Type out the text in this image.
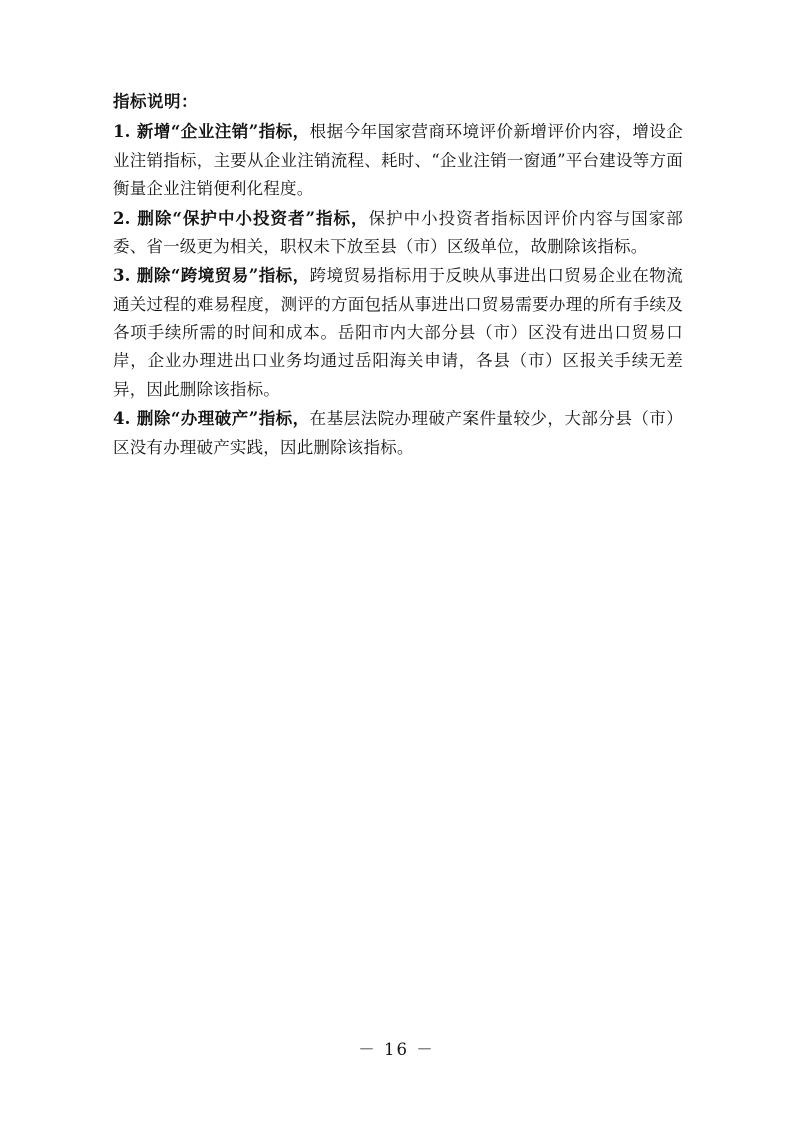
指标说明：

1. 新增“企业注销”指标，根据今年国家营商环境评价新增评价内容，增设企业注销指标，主要从企业注销流程、耗时、“企业注销一窗通”平台建设等方面衡量企业注销便利化程度。

2. 删除“保护中小投资者”指标，保护中小投资者指标因评价内容与国家部委、省一级更为相关，职权未下放至县（市）区级单位，故删除该指标。

3. 删除“跨境贸易”指标，跨境贸易指标用于反映从事进出口贸易企业在物流通关过程的难易程度，测评的方面包括从事进出口贸易需要办理的所有手续及各项手续所需的时间和成本。岳阳市内大部分县（市）区没有进出口贸易口岸，企业办理进出口业务均通过岳阳海关申请，各县（市）区报关手续无差异，因此删除该指标。

4. 删除“办理破产”指标，在基层法院办理破产案件量较少，大部分县（市）区没有办理破产实践，因此删除该指标。

－ 16 －
